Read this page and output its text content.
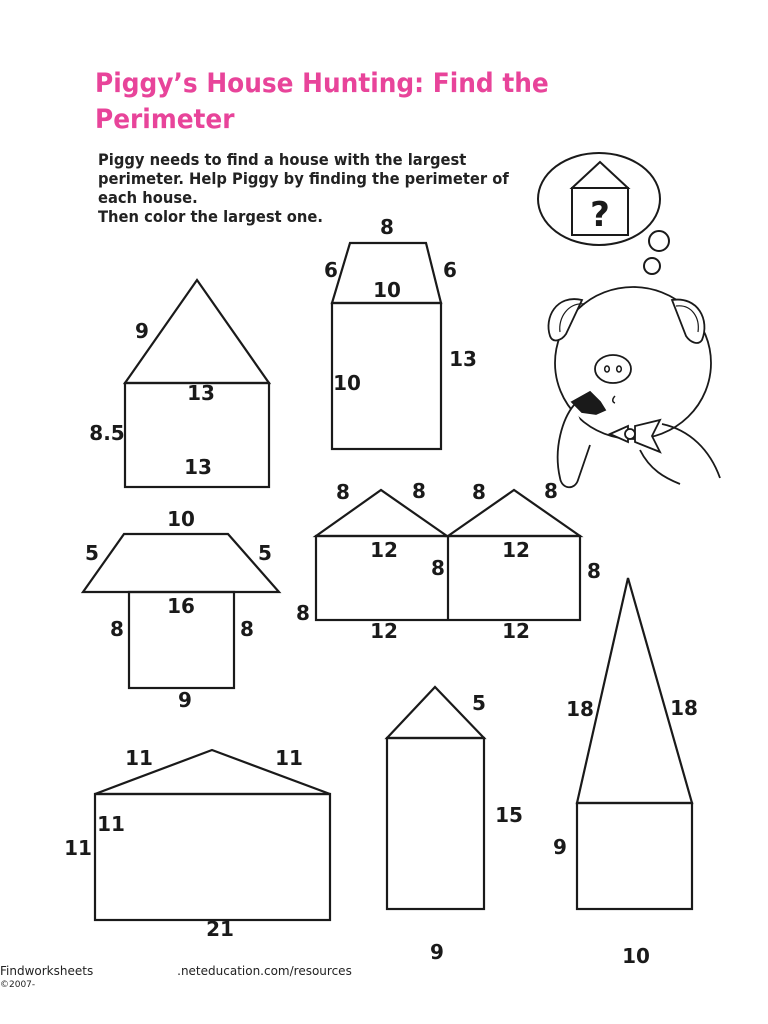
Piggy’s House Hunting: Find the Perimeter
Piggy needs to find a house with the largest
perimeter. Help Piggy by finding the perimeter of
each house.
Then color the largest one.	?
9
13
8.5
13
8
6	6
10
10
13
10
5	5
16
8	8
9
8	8 8	8
12	12
8
8
8
12	12
11	11
11
11
21
5
15
9
18	18
9
10
Findworksheets                      .neteducation.com/resources
©2007-
